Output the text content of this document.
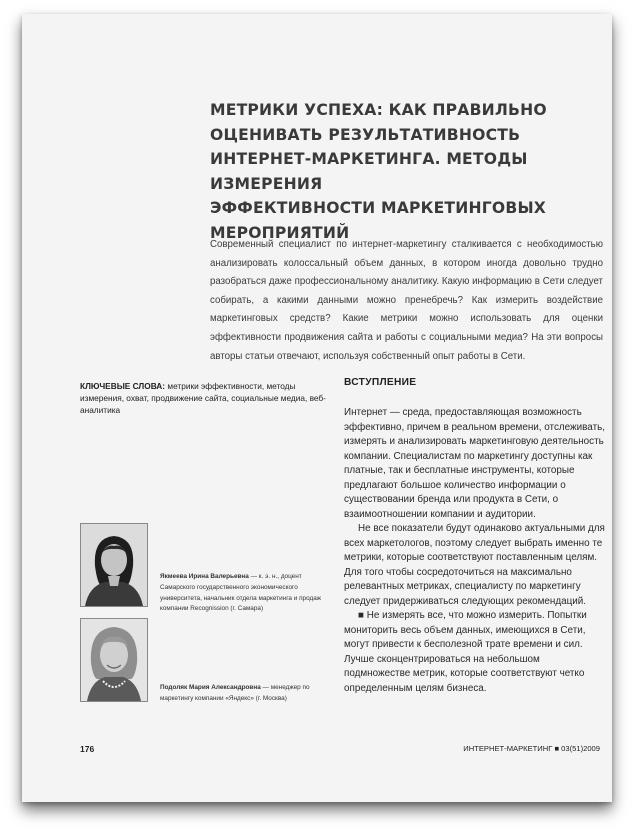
МЕТРИКИ УСПЕХА: КАК ПРАВИЛЬНО
ОЦЕНИВАТЬ РЕЗУЛЬТАТИВНОСТЬ
ИНТЕРНЕТ-МАРКЕТИНГА. МЕТОДЫ ИЗМЕРЕНИЯ
ЭФФЕКТИВНОСТИ МАРКЕТИНГОВЫХ
МЕРОПРИЯТИЙ
Современный специалист по интернет-маркетингу сталкивается с необходимостью анализировать колоссальный объем данных, в котором иногда довольно трудно разобраться даже профессиональному аналитику. Какую информацию в Сети следует собирать, а какими данными можно пренебречь? Как измерить воздействие маркетинговых средств? Какие метрики можно использовать для оценки эффективности продвижения сайта и работы с социальными медиа? На эти вопросы авторы статьи отвечают, используя собственный опыт работы в Сети.
КЛЮЧЕВЫЕ СЛОВА: метрики эффективности, методы измерения, охват, продвижение сайта, социальные медиа, веб-аналитика
ВСТУПЛЕНИЕ

Интернет — среда, предоставляющая возможность эффективно, причем в реальном времени, отслеживать, измерять и анализировать маркетинговую деятельность компании. Специалистам по маркетингу доступны как платные, так и бесплатные инструменты, которые предлагают большое количество информации о существовании бренда или продукта в Сети, о взаимоотношении компании и аудитории.

Не все показатели будут одинаково актуальными для всех маркетологов, поэтому следует выбрать именно те метрики, которые соответствуют поставленным целям. Для того чтобы сосредоточиться на максимально релевантных метриках, специалисту по маркетингу следует придерживаться следующих рекомендаций.

■ Не измерять все, что можно измерить. Попытки мониторить весь объем данных, имеющихся в Сети, могут привести к бесполезной трате времени и сил. Лучше сконцентрироваться на небольшом подмножестве метрик, которые соответствуют четко определенным целям бизнеса.

Якмеева Ирина Валерьевна — к. э. н., доцент Самарского государственного экономического университета, начальник отдела маркетинга и продаж компании Recognission (г. Самара)
Подоляк Мария Александровна — менеджер по маркетингу компании «Яндекс» (г. Москва)
176	ИНТЕРНЕТ-МАРКЕТИНГ ■ 03(51)2009
